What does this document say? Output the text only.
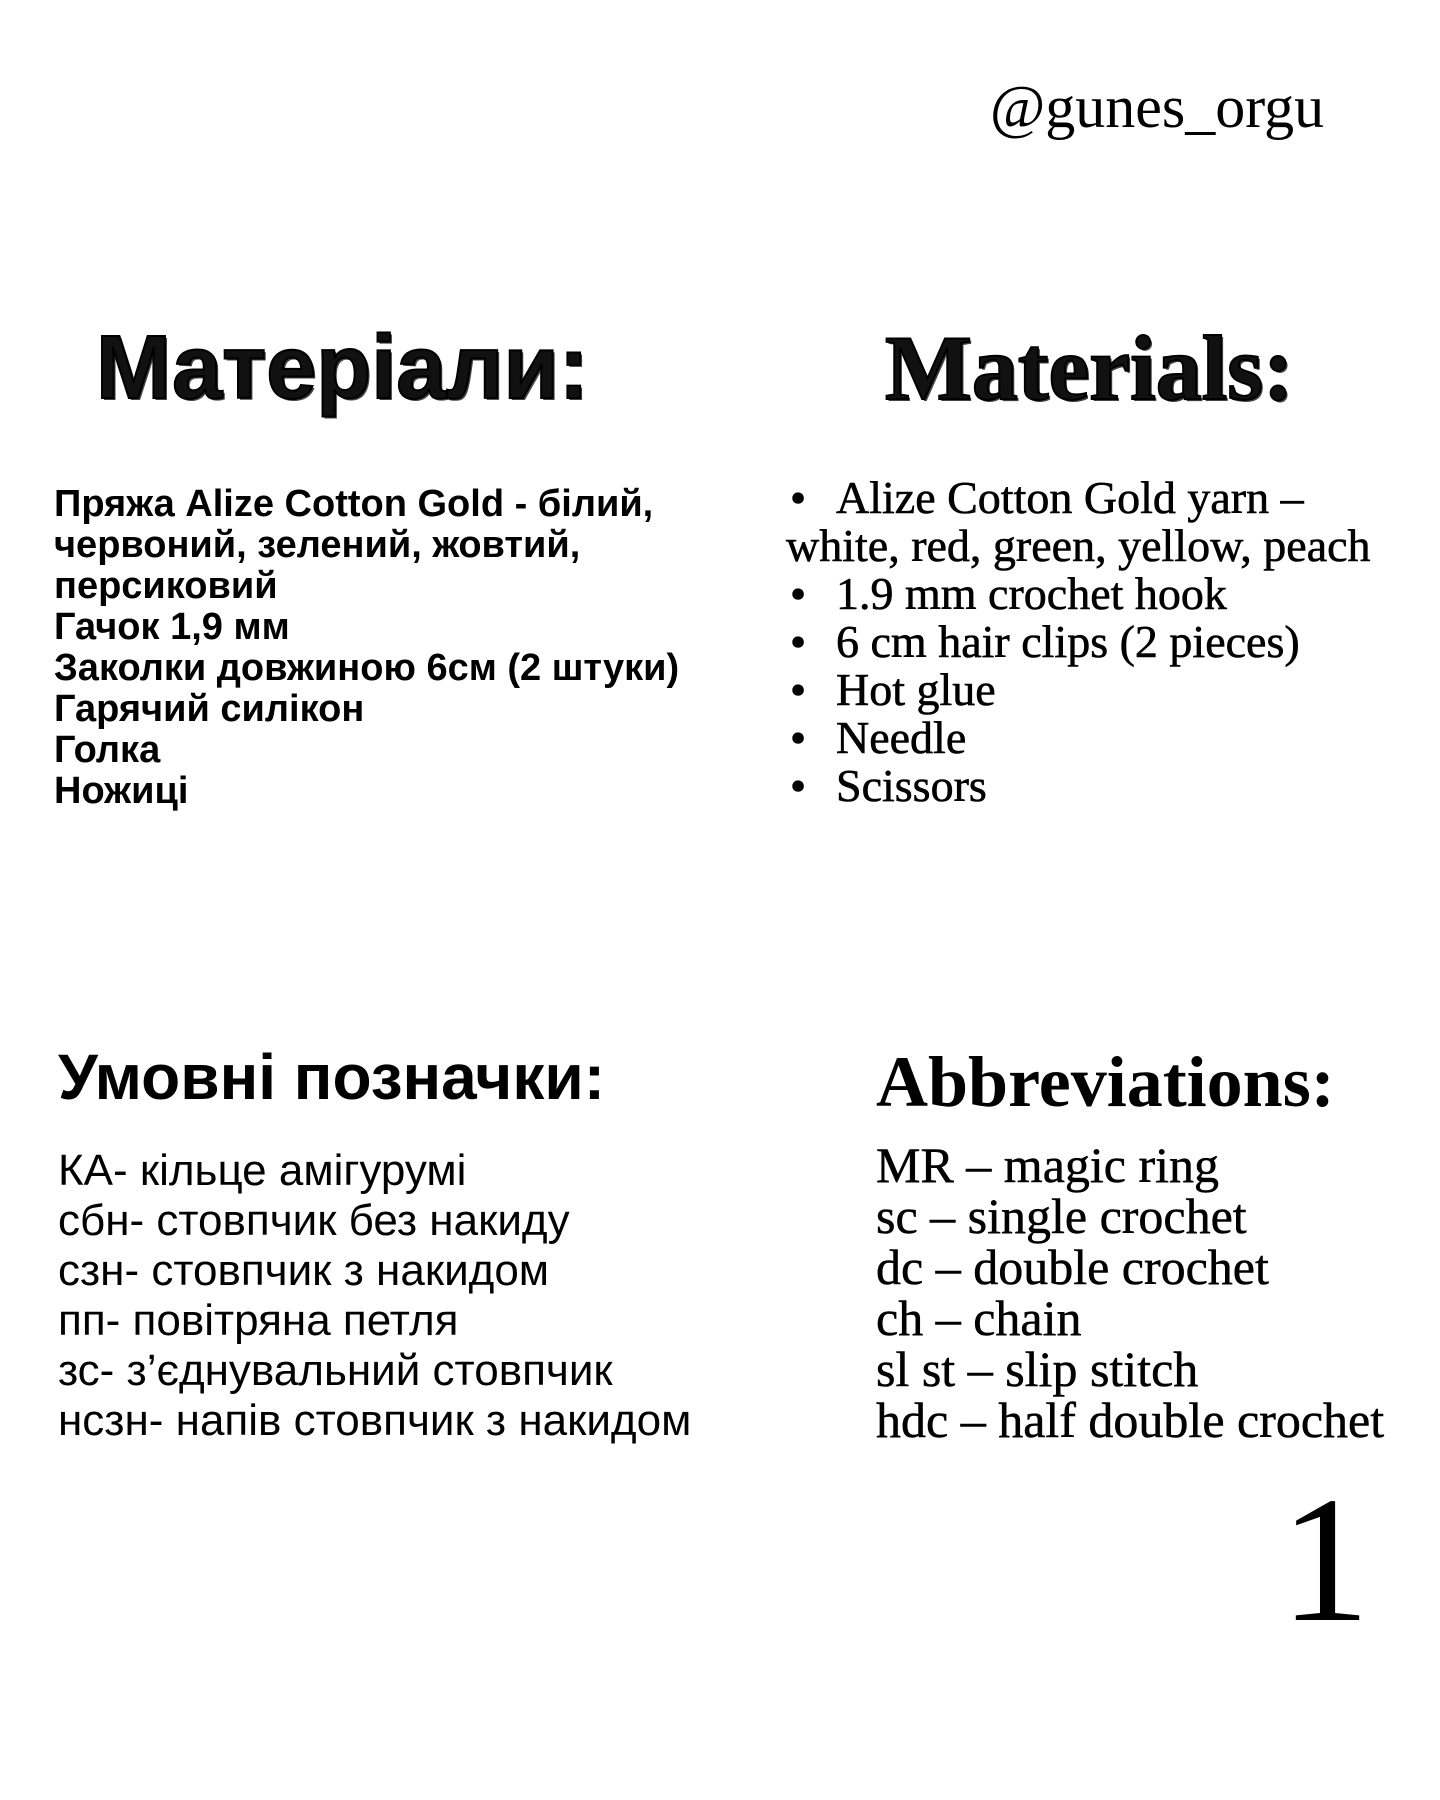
@gunes_orgu
Матеріали:	Materials:
Пряжа Alize Cotton Gold - білий,
червоний, зелений, жовтий,
персиковий
Гачок 1,9 мм
Заколки довжиною 6см (2 штуки)
Гарячий силікон
Голка
Ножиці
• Alize Cotton Gold yarn –
white, red, green, yellow, peach
• 1.9 mm crochet hook
• 6 cm hair clips (2 pieces)
• Hot glue
• Needle
• Scissors
Умовні позначки:	Abbreviations:
КА- кільце амігурумі
сбн- стовпчик без накиду
сзн- стовпчик з накидом
пп- повітряна петля
зс- з’єднувальний стовпчик
нсзн- напів стовпчик з накидом
MR – magic ring
sc – single crochet
dc – double crochet
ch – chain
sl st – slip stitch
hdc – half double crochet
1
